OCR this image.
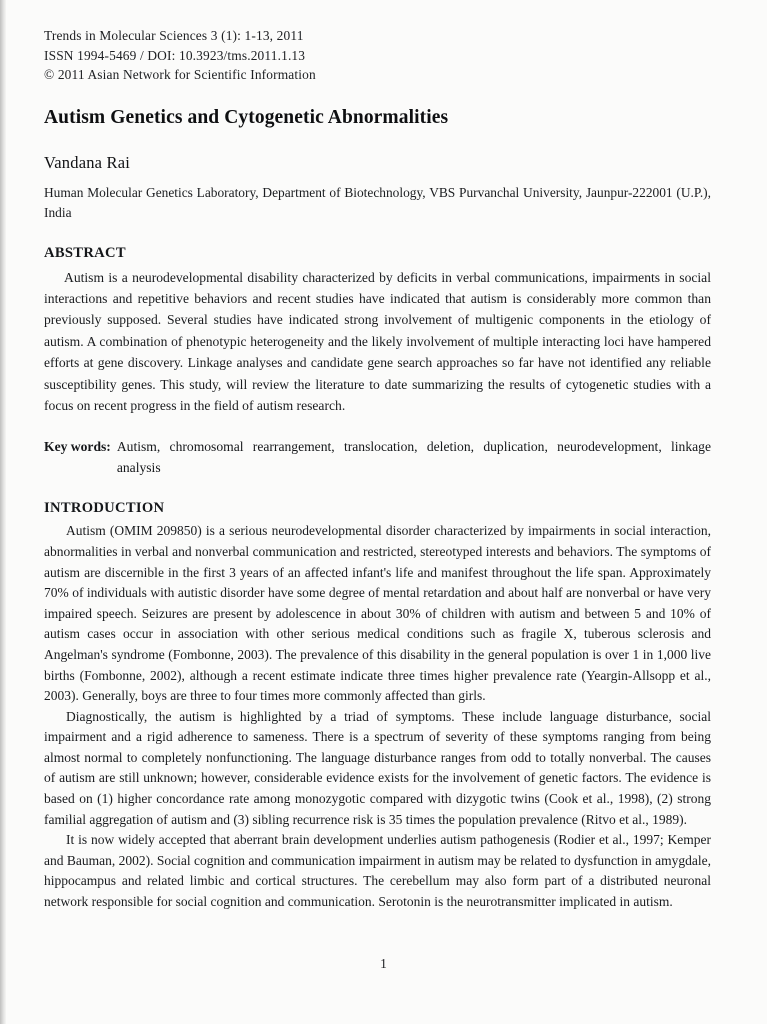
Trends in Molecular Sciences 3 (1): 1-13, 2011
ISSN 1994-5469 / DOI: 10.3923/tms.2011.1.13
© 2011 Asian Network for Scientific Information
Autism Genetics and Cytogenetic Abnormalities
Vandana Rai
Human Molecular Genetics Laboratory, Department of Biotechnology, VBS Purvanchal University, Jaunpur-222001 (U.P.), India
ABSTRACT
Autism is a neurodevelopmental disability characterized by deficits in verbal communications, impairments in social interactions and repetitive behaviors and recent studies have indicated that autism is considerably more common than previously supposed. Several studies have indicated strong involvement of multigenic components in the etiology of autism. A combination of phenotypic heterogeneity and the likely involvement of multiple interacting loci have hampered efforts at gene discovery. Linkage analyses and candidate gene search approaches so far have not identified any reliable susceptibility genes. This study, will review the literature to date summarizing the results of cytogenetic studies with a focus on recent progress in the field of autism research.
Key words: Autism, chromosomal rearrangement, translocation, deletion, duplication, neurodevelopment, linkage analysis
INTRODUCTION

Autism (OMIM 209850) is a serious neurodevelopmental disorder characterized by impairments in social interaction, abnormalities in verbal and nonverbal communication and restricted, stereotyped interests and behaviors. The symptoms of autism are discernible in the first 3 years of an affected infant's life and manifest throughout the life span. Approximately 70% of individuals with autistic disorder have some degree of mental retardation and about half are nonverbal or have very impaired speech. Seizures are present by adolescence in about 30% of children with autism and between 5 and 10% of autism cases occur in association with other serious medical conditions such as fragile X, tuberous sclerosis and Angelman's syndrome (Fombonne, 2003). The prevalence of this disability in the general population is over 1 in 1,000 live births (Fombonne, 2002), although a recent estimate indicate three times higher prevalence rate (Yeargin-Allsopp et al., 2003). Generally, boys are three to four times more commonly affected than girls.

Diagnostically, the autism is highlighted by a triad of symptoms. These include language disturbance, social impairment and a rigid adherence to sameness. There is a spectrum of severity of these symptoms ranging from being almost normal to completely nonfunctioning. The language disturbance ranges from odd to totally nonverbal. The causes of autism are still unknown; however, considerable evidence exists for the involvement of genetic factors. The evidence is based on (1) higher concordance rate among monozygotic compared with dizygotic twins (Cook et al., 1998), (2) strong familial aggregation of autism and (3) sibling recurrence risk is 35 times the population prevalence (Ritvo et al., 1989).

It is now widely accepted that aberrant brain development underlies autism pathogenesis (Rodier et al., 1997; Kemper and Bauman, 2002). Social cognition and communication impairment in autism may be related to dysfunction in amygdale, hippocampus and related limbic and cortical structures. The cerebellum may also form part of a distributed neuronal network responsible for social cognition and communication. Serotonin is the neurotransmitter implicated in autism.

1
